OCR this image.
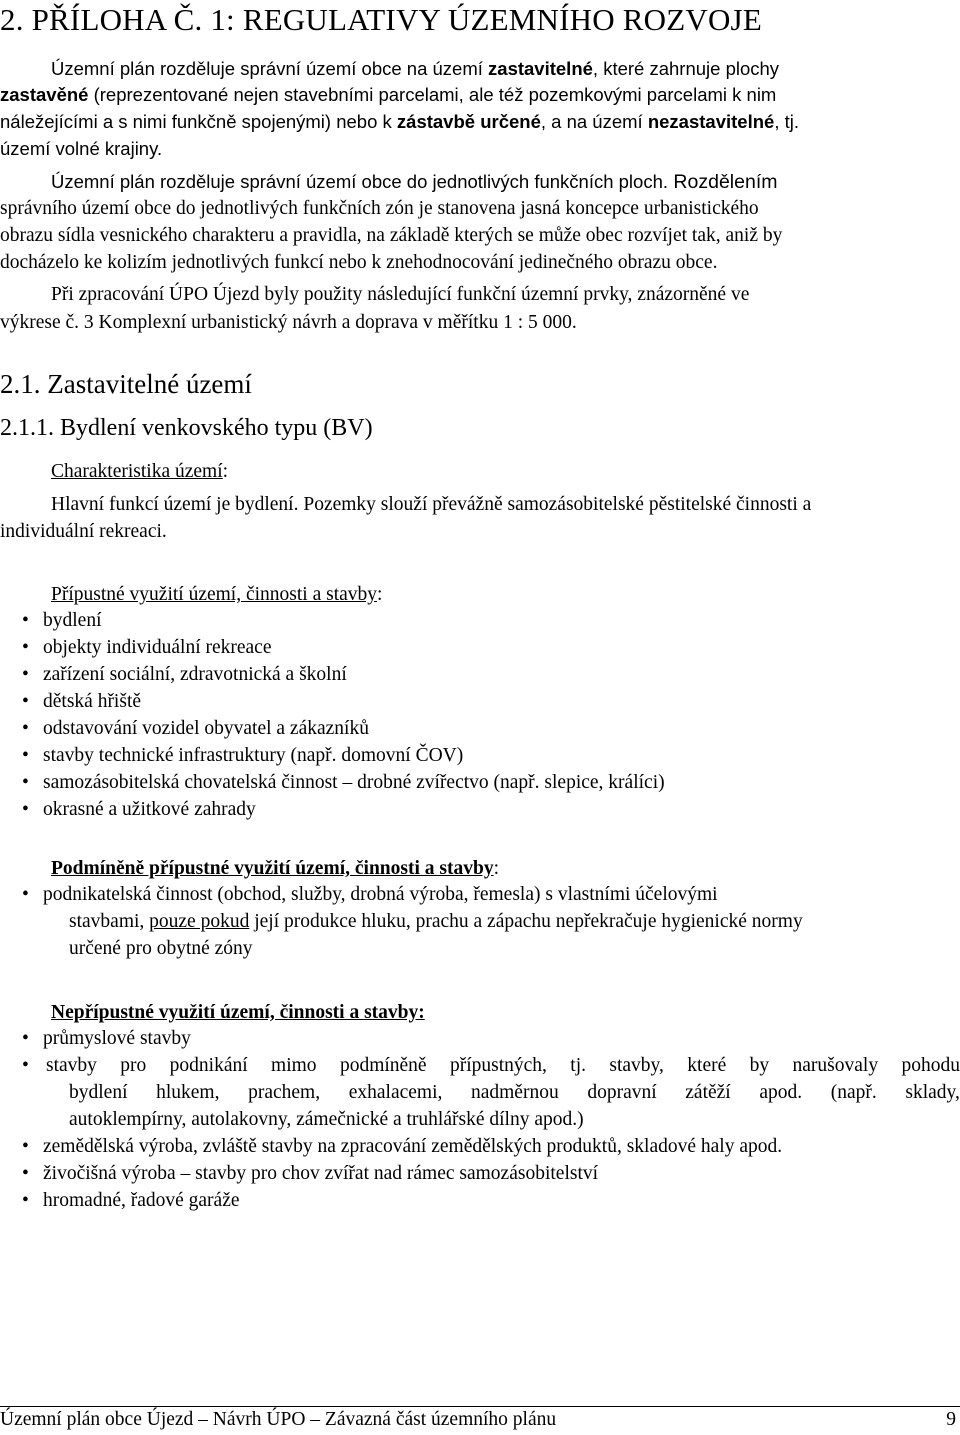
2. PŘÍLOHA Č. 1: REGULATIVY ÚZEMNÍHO ROZVOJE
Územní plán rozděluje správní území obce na území zastavitelné, které zahrnuje plochy
zastavěné (reprezentované nejen stavebními parcelami, ale též pozemkovými parcelami k nim
náležejícími a s nimi funkčně spojenými) nebo k zástavbě určené, a na území nezastavitelné, tj.
území volné krajiny.
Územní plán rozděluje správní území obce do jednotlivých funkčních ploch. Rozdělením
správního území obce do jednotlivých funkčních zón je stanovena jasná koncepce urbanistického
obrazu sídla vesnického charakteru a pravidla, na základě kterých se může obec rozvíjet tak, aniž by
docházelo ke kolizím jednotlivých funkcí nebo k znehodnocování jedinečného obrazu obce.
Při zpracování ÚPO Újezd byly použity následující funkční územní prvky, znázorněné ve
výkrese č. 3 Komplexní urbanistický návrh a doprava v měřítku 1 : 5 000.
2.1. Zastavitelné území
2.1.1. Bydlení venkovského typu (BV)
Charakteristika území:
Hlavní funkcí území je bydlení. Pozemky slouží převážně samozásobitelské pěstitelské činnosti a
individuální rekreaci.
Přípustné využití území, činnosti a stavby:
• bydlení
• objekty individuální rekreace
• zařízení sociální, zdravotnická a školní
• dětská hřiště
• odstavování vozidel obyvatel a zákazníků
• stavby technické infrastruktury (např. domovní ČOV)
• samozásobitelská chovatelská činnost – drobné zvířectvo (např. slepice, králíci)
• okrasné a užitkové zahrady
Podmíněně přípustné využití území, činnosti a stavby:
• podnikatelská činnost (obchod, služby, drobná výroba, řemesla) s vlastními účelovými
stavbami, pouze pokud její produkce hluku, prachu a zápachu nepřekračuje hygienické normy
určené pro obytné zóny
Nepřípustné využití území, činnosti a stavby:
• průmyslové stavby
• stavby pro podnikání mimo podmíněně přípustných, tj. stavby, které by narušovaly pohodu
bydlení hlukem, prachem, exhalacemi, nadměrnou dopravní zátěží apod. (např. sklady,
autoklempírny, autolakovny, zámečnické a truhlářské dílny apod.)
• zemědělská výroba, zvláště stavby na zpracování zemědělských produktů, skladové haly apod.
• živočišná výroba – stavby pro chov zvířat nad rámec samozásobitelství
• hromadné, řadové garáže
Územní plán obce Újezd – Návrh ÚPO – Závazná část územního plánu	9
